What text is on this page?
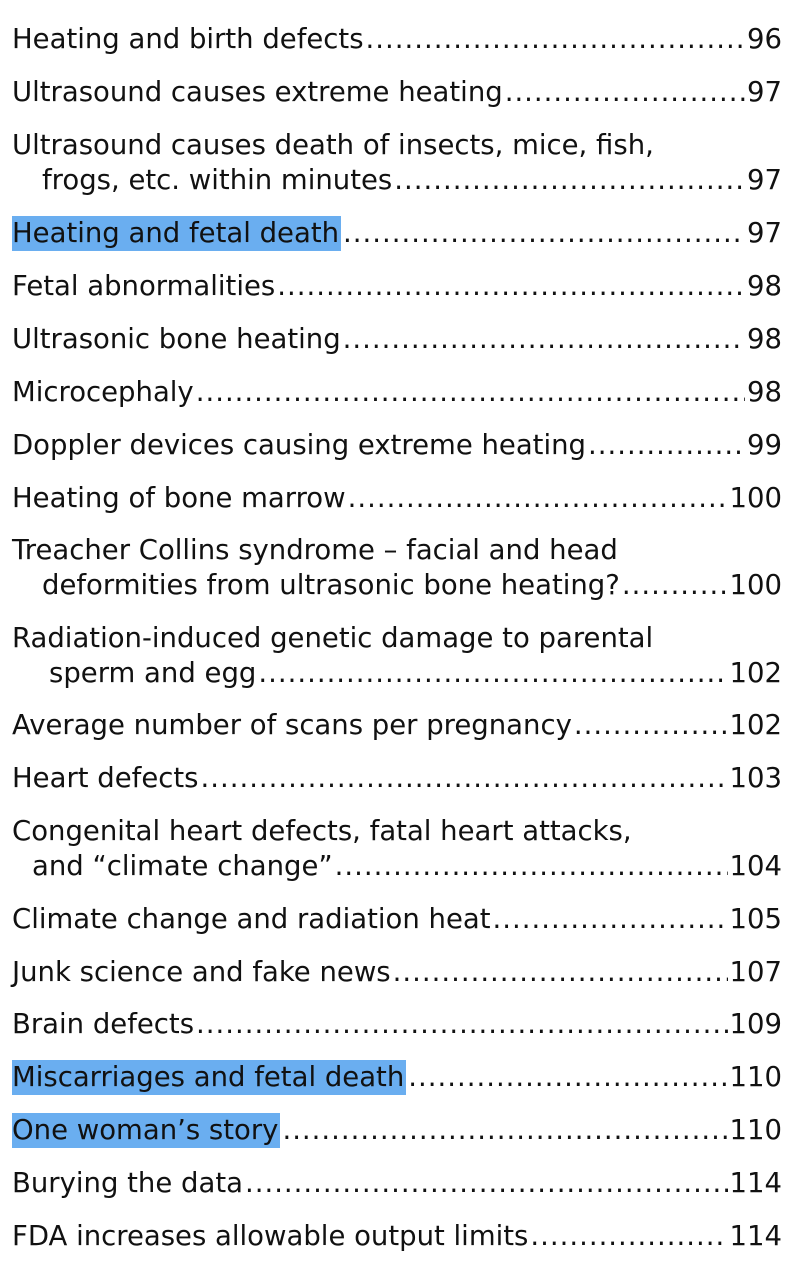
Heating and birth defects .....	96
Ultrasound causes extreme heating .....	97
Ultrasound causes death of insects, mice, fish,
frogs, etc. within minutes .....	97
Heating and fetal death .....	97
Fetal abnormalities .....	98
Ultrasonic bone heating .....	98
Microcephaly .....	98
Doppler devices causing extreme heating .....	99
Heating of bone marrow .....	100
Treacher Collins syndrome – facial and head
deformities from ultrasonic bone heating? .....	100
Radiation-induced genetic damage to parental
sperm and egg .....	102
Average number of scans per pregnancy .....	102
Heart defects .....	103
Congenital heart defects, fatal heart attacks,
and “climate change” .....	104
Climate change and radiation heat .....	105
Junk science and fake news .....	107
Brain defects .....	109
Miscarriages and fetal death .....	110
One woman’s story .....	110
Burying the data .....	114
FDA increases allowable output limits .....	114
